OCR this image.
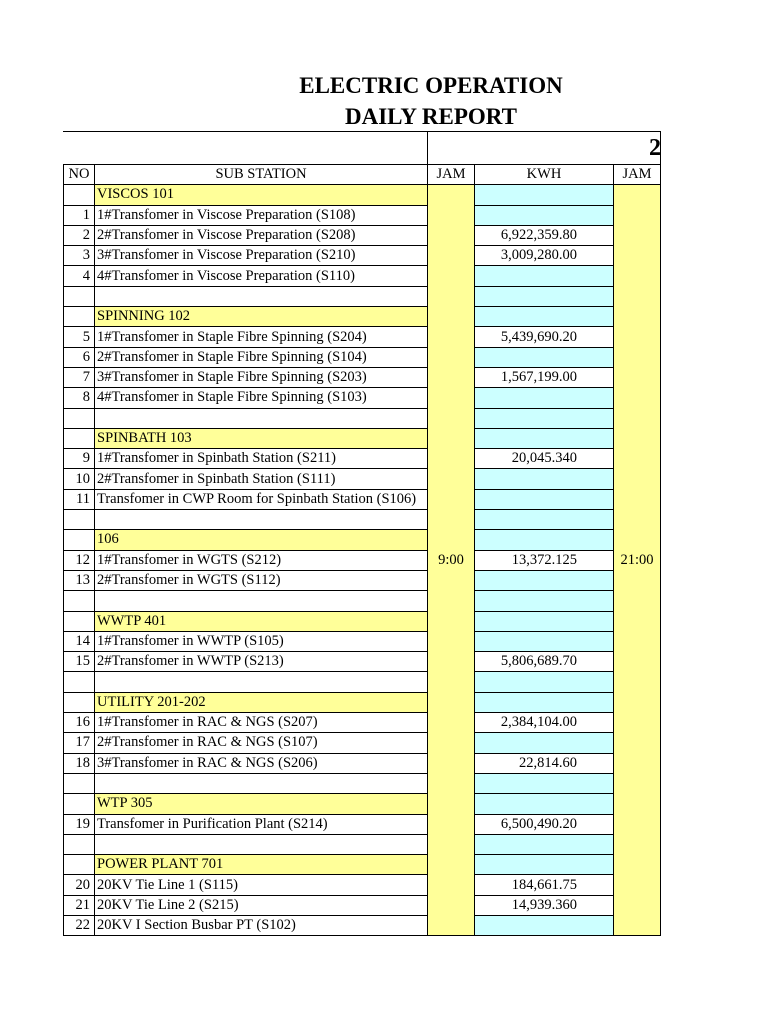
ELECTRIC OPERATION
DAILY REPORT
2
NO	SUB STATION	JAM	KWH	JAM
	VISCOS 101	9:00		21:00
1	1#Transfomer in Viscose Preparation (S108)			
2	2#Transfomer in Viscose Preparation (S208)		6,922,359.80	
3	3#Transfomer in Viscose Preparation (S210)		3,009,280.00	
4	4#Transfomer in Viscose Preparation (S110)			

	SPINNING 102			
5	1#Transfomer in Staple Fibre Spinning (S204)		5,439,690.20	
6	2#Transfomer in Staple Fibre Spinning (S104)			
7	3#Transfomer in Staple Fibre Spinning (S203)		1,567,199.00	
8	4#Transfomer in Staple Fibre Spinning (S103)			

	SPINBATH 103			
9	1#Transfomer in Spinbath Station (S211)		20,045.340	
10	2#Transfomer in Spinbath Station (S111)			
11	Transfomer in CWP Room for Spinbath Station (S106)			

	106			
12	1#Transfomer in WGTS (S212)		13,372.125	
13	2#Transfomer in WGTS (S112)			

	WWTP 401			
14	1#Transfomer in WWTP (S105)			
15	2#Transfomer in WWTP (S213)		5,806,689.70	

	UTILITY 201-202			
16	1#Transfomer in RAC & NGS (S207)		2,384,104.00	
17	2#Transfomer in RAC & NGS (S107)			
18	3#Transfomer in RAC & NGS (S206)		22,814.60	

	WTP 305			
19	Transfomer in Purification Plant (S214)		6,500,490.20	

	POWER PLANT 701			
20	20KV Tie Line 1 (S115)		184,661.75	
21	20KV Tie Line 2 (S215)		14,939.360	
22	20KV I Section Busbar PT (S102)			
